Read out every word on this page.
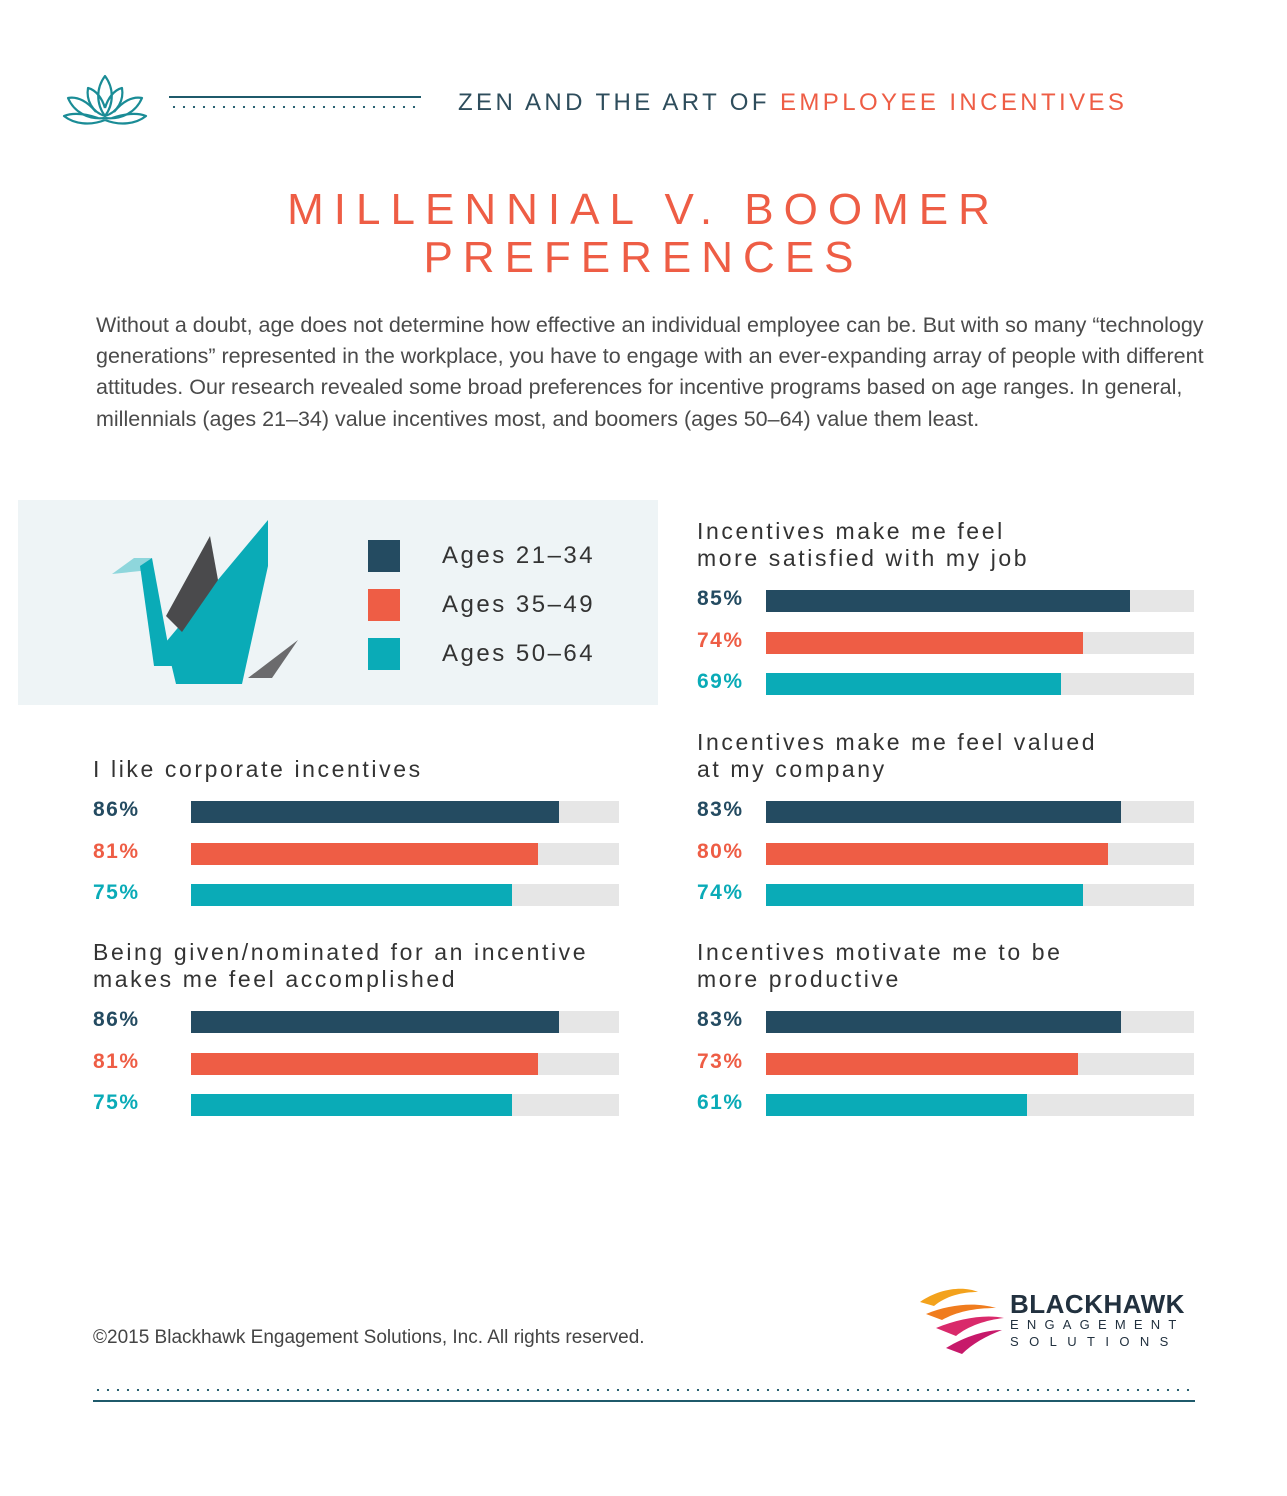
ZEN AND THE ART OF EMPLOYEE INCENTIVES
MILLENNIAL V. BOOMER
PREFERENCES

Without a doubt, age does not determine how effective an individual employee can be. But with so many “technology generations” represented in the workplace, you have to engage with an ever-expanding array of people with different attitudes. Our research revealed some broad preferences for incentive programs based on age ranges. In general, millennials (ages 21–34) value incentives most, and boomers (ages 50–64) value them least.

Ages 21–34
Ages 35–49
Ages 50–64
I like corporate incentives
86%
81%
75%
Being given/nominated for an incentive
makes me feel accomplished
86%
81%
75%
Incentives make me feel
more satisfied with my job
85%
74%
69%
Incentives make me feel valued
at my company
83%
80%
74%
Incentives motivate me to be
more productive
83%
73%
61%
©2015 Blackhawk Engagement Solutions, Inc. All rights reserved.
BLACKHAWK
ENGAGEMENT
SOLUTIONS
